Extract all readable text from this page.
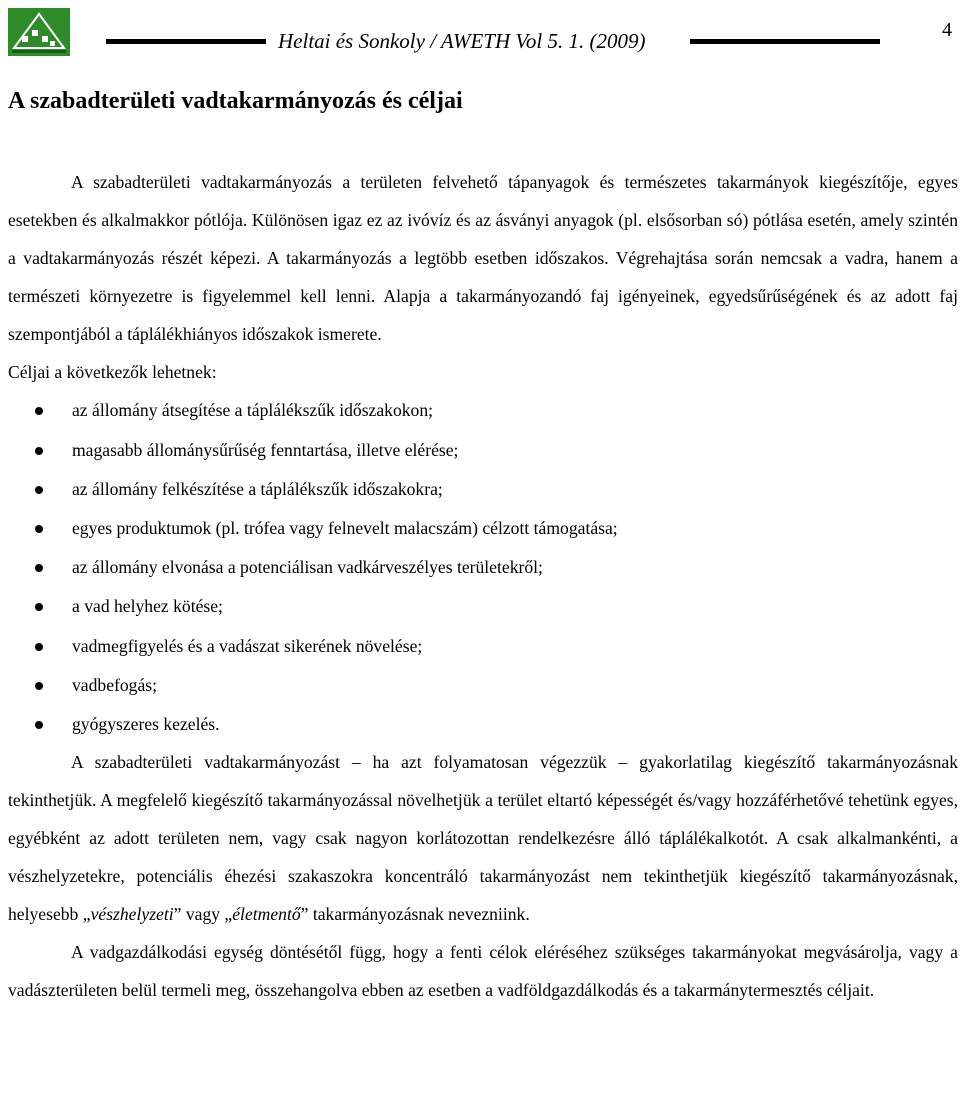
Heltai és Sonkoly / AWETH Vol 5. 1. (2009)	4
A szabadterületi vadtakarmányozás és céljai

A szabadterületi vadtakarmányozás a területen felvehető tápanyagok és természetes takarmányok kiegészítője, egyes esetekben és alkalmakkor pótlója. Különösen igaz ez az ivóvíz és az ásványi anyagok (pl. elsősorban só) pótlása esetén, amely szintén a vadtakarmányozás részét képezi. A takarmányozás a legtöbb esetben időszakos. Végrehajtása során nemcsak a vadra, hanem a természeti környezetre is figyelemmel kell lenni. Alapja a takarmányozandó faj igényeinek, egyedsűrűségének és az adott faj szempontjából a táplálékhiányos időszakok ismerete.

Céljai a következők lehetnek:

az állomány átsegítése a táplálékszűk időszakokon;
magasabb állománysűrűség fenntartása, illetve elérése;
az állomány felkészítése a táplálékszűk időszakokra;
egyes produktumok (pl. trófea vagy felnevelt malacszám) célzott támogatása;
az állomány elvonása a potenciálisan vadkárveszélyes területekről;
a vad helyhez kötése;
vadmegfigyelés és a vadászat sikerének növelése;
vadbefogás;
gyógyszeres kezelés.

A szabadterületi vadtakarmányozást – ha azt folyamatosan végezzük – gyakorlatilag kiegészítő takarmányozásnak tekinthetjük. A megfelelő kiegészítő takarmányozással növelhetjük a terület eltartó képességét és/vagy hozzáférhetővé tehetünk egyes, egyébként az adott területen nem, vagy csak nagyon korlátozottan rendelkezésre álló táplálékalkotót. A csak alkalmankénti, a vészhelyzetekre, potenciális éhezési szakaszokra koncentráló takarmányozást nem tekinthetjük kiegészítő takarmányozásnak, helyesebb „vészhelyzeti” vagy „életmentő” takarmányozásnak nevezniink.

A vadgazdálkodási egység döntésétől függ, hogy a fenti célok eléréséhez szükséges takarmányokat megvásárolja, vagy a vadászterületen belül termeli meg, összehangolva ebben az esetben a vadföldgazdálkodás és a takarmánytermesztés céljait.
